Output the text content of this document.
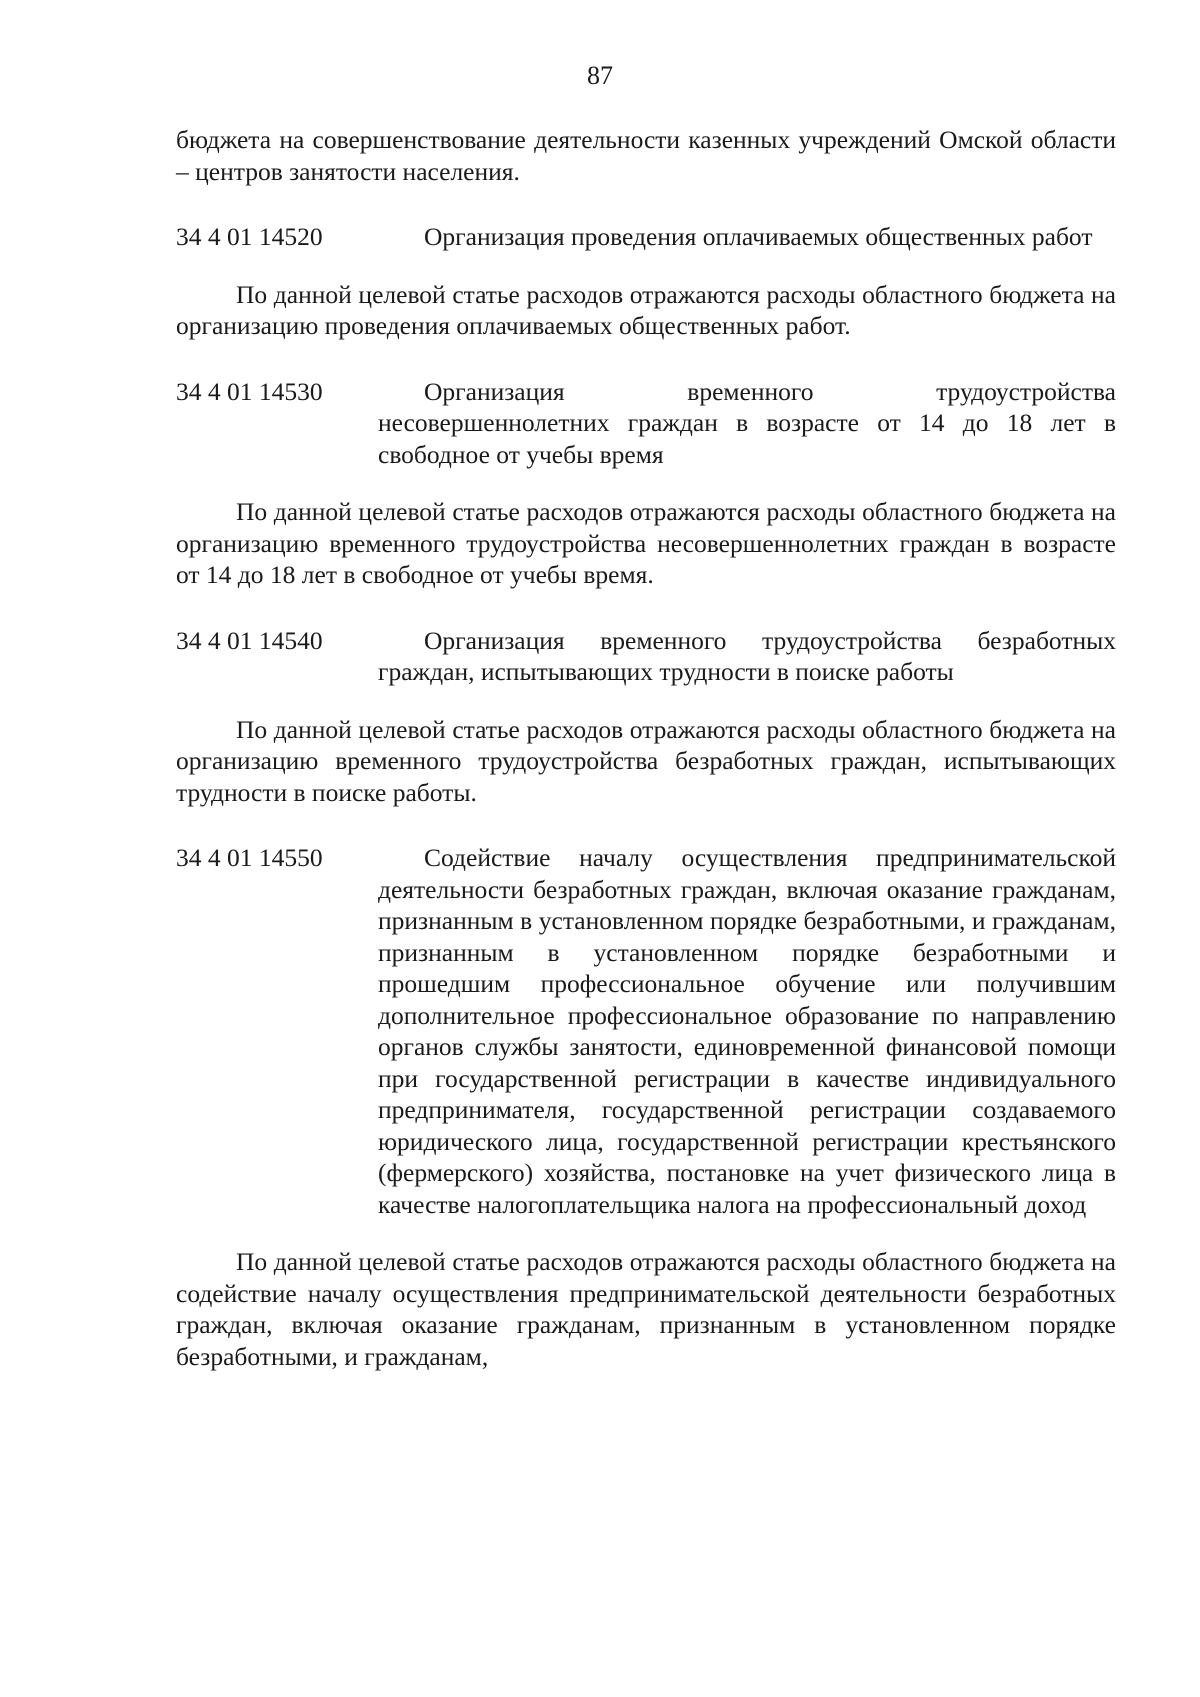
87

бюджета на совершенствование деятельности казенных учреждений Омской области – центров занятости населения.

34 4 01 14520	Организация проведения оплачиваемых общественных работ

По данной целевой статье расходов отражаются расходы областного бюджета на организацию проведения оплачиваемых общественных работ.

34 4 01 14530	Организация временного трудоустройства несовершеннолетних граждан в возрасте от 14 до 18 лет в свободное от учебы время

По данной целевой статье расходов отражаются расходы областного бюджета на организацию временного трудоустройства несовершеннолетних граждан в возрасте от 14 до 18 лет в свободное от учебы время.

34 4 01 14540	Организация временного трудоустройства безработных граждан, испытывающих трудности в поиске работы

По данной целевой статье расходов отражаются расходы областного бюджета на организацию временного трудоустройства безработных граждан, испытывающих трудности в поиске работы.

34 4 01 14550	Содействие началу осуществления предпринимательской деятельности безработных граждан, включая оказание гражданам, признанным в установленном порядке безработными, и гражданам, признанным в установленном порядке безработными и прошедшим профессиональное обучение или получившим дополнительное профессиональное образование по направлению органов службы занятости, единовременной финансовой помощи при государственной регистрации в качестве индивидуального предпринимателя, государственной регистрации создаваемого юридического лица, государственной регистрации крестьянского (фермерского) хозяйства, постановке на учет физического лица в качестве налогоплательщика налога на профессиональный доход

По данной целевой статье расходов отражаются расходы областного бюджета на содействие началу осуществления предпринимательской деятельности безработных граждан, включая оказание гражданам, признанным в установленном порядке безработными, и гражданам,
